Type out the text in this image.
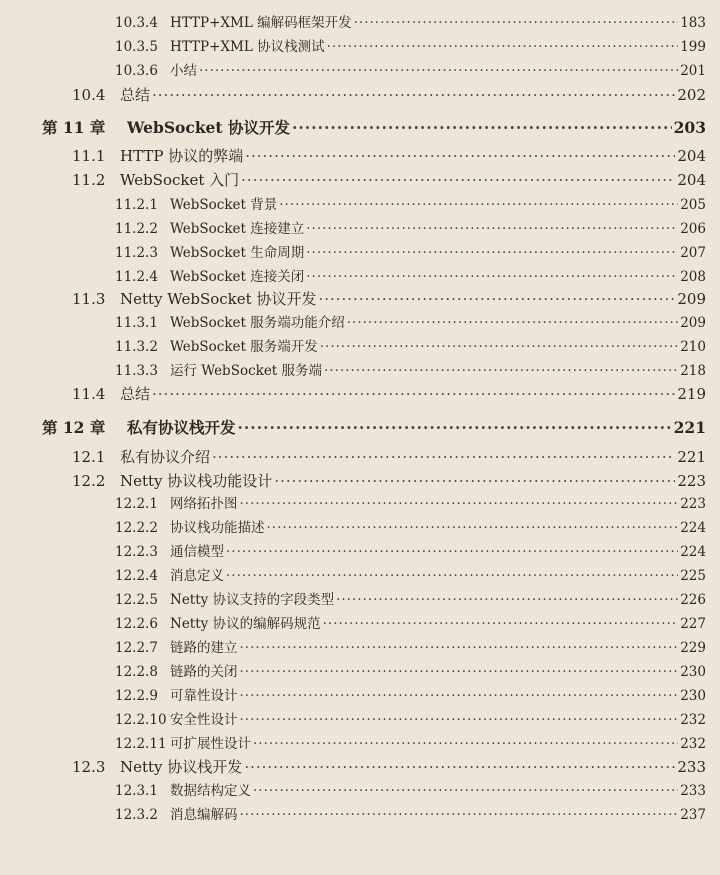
10.3.4 HTTP+XML 编解码框架开发 ·····	183
10.3.5 HTTP+XML 协议栈测试 ·····	199
10.3.6 小结 ·····	201
10.4 总结 ·····	202
第 11 章 WebSocket 协议开发 ·····	203
11.1 HTTP 协议的弊端 ·····	204
11.2 WebSocket 入门 ·····	204
11.2.1 WebSocket 背景 ·····	205
11.2.2 WebSocket 连接建立 ·····	206
11.2.3 WebSocket 生命周期 ·····	207
11.2.4 WebSocket 连接关闭 ·····	208
11.3 Netty WebSocket 协议开发 ·····	209
11.3.1 WebSocket 服务端功能介绍 ·····	209
11.3.2 WebSocket 服务端开发 ·····	210
11.3.3 运行 WebSocket 服务端 ·····	218
11.4 总结 ·····	219
第 12 章 私有协议栈开发 ·····	221
12.1 私有协议介绍 ·····	221
12.2 Netty 协议栈功能设计 ·····	223
12.2.1 网络拓扑图 ·····	223
12.2.2 协议栈功能描述 ·····	224
12.2.3 通信模型 ·····	224
12.2.4 消息定义 ·····	225
12.2.5 Netty 协议支持的字段类型 ·····	226
12.2.6 Netty 协议的编解码规范 ·····	227
12.2.7 链路的建立 ·····	229
12.2.8 链路的关闭 ·····	230
12.2.9 可靠性设计 ·····	230
12.2.10 安全性设计 ·····	232
12.2.11 可扩展性设计 ·····	232
12.3 Netty 协议栈开发 ·····	233
12.3.1 数据结构定义 ·····	233
12.3.2 消息编解码 ·····	237
